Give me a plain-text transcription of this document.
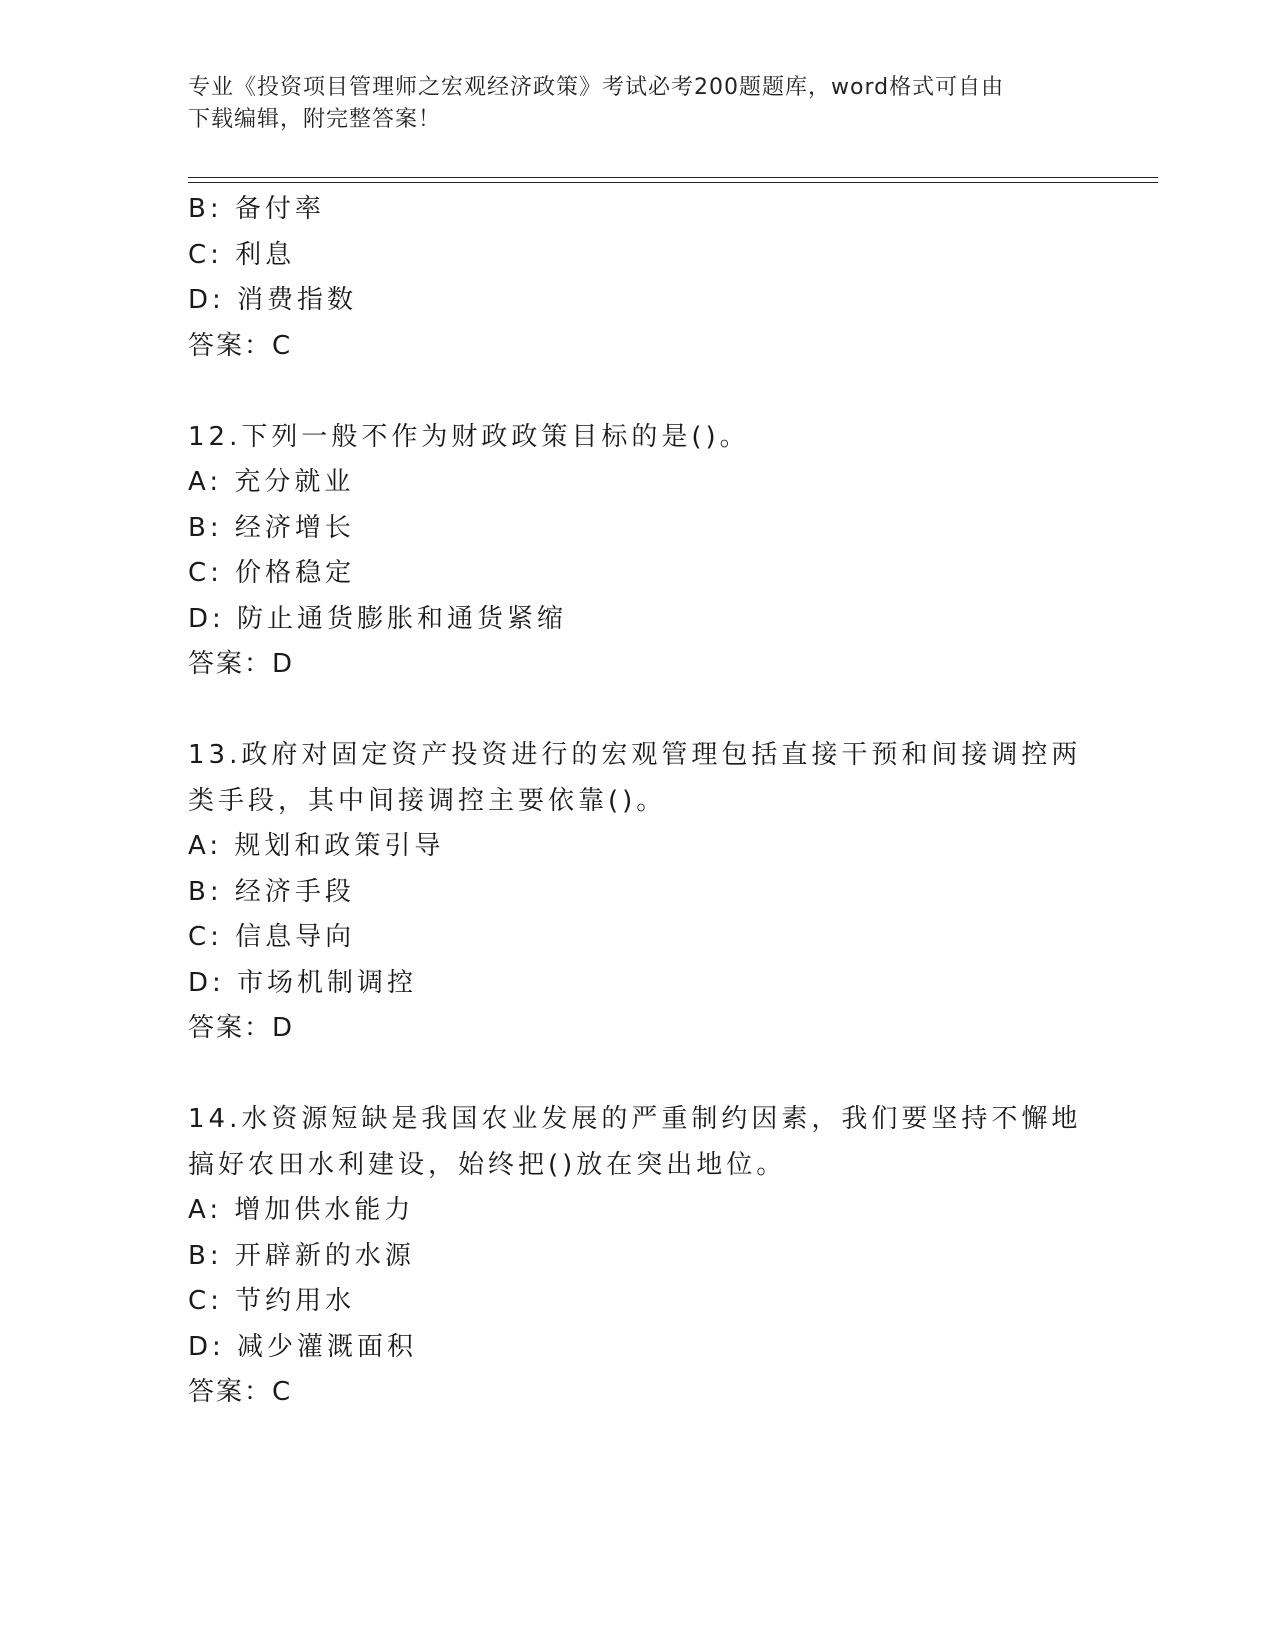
专业《投资项目管理师之宏观经济政策》考试必考200题题库，word格式可自由
下载编辑，附完整答案！
B: 备付率
C: 利息
D: 消费指数
答案：C
12.下列一般不作为财政政策目标的是()。
A: 充分就业
B: 经济增长
C: 价格稳定
D: 防止通货膨胀和通货紧缩
答案：D
13.政府对固定资产投资进行的宏观管理包括直接干预和间接调控两类手段，其中间接调控主要依靠()。
A: 规划和政策引导
B: 经济手段
C: 信息导向
D: 市场机制调控
答案：D
14.水资源短缺是我国农业发展的严重制约因素，我们要坚持不懈地搞好农田水利建设，始终把()放在突出地位。
A: 增加供水能力
B: 开辟新的水源
C: 节约用水
D: 减少灌溉面积
答案：C
